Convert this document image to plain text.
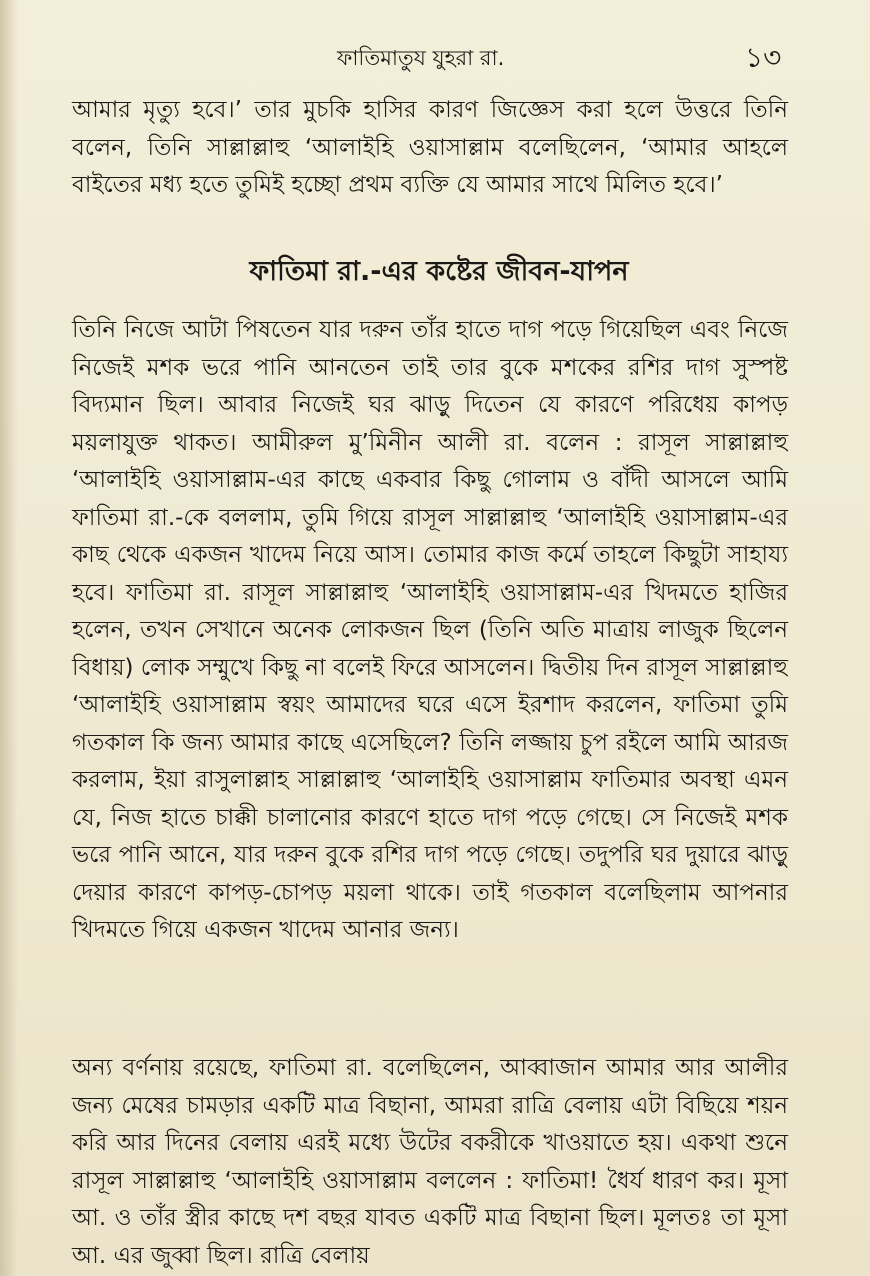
ফাতিমাতুয যুহরা রা.	১৩

আমার মৃত্যু হবে।’ তার মুচকি হাসির কারণ জিজ্ঞেস করা হলে উত্তরে তিনি বলেন, তিনি সাল্লাল্লাহু ‘আলাইহি ওয়াসাল্লাম বলেছিলেন, ‘আমার আহলে বাইতের মধ্য হতে তুমিই হচ্ছো প্রথম ব্যক্তি যে আমার সাথে মিলিত হবে।’

ফাতিমা রা.-এর কষ্টের জীবন-যাপন

তিনি নিজে আটা পিষতেন যার দরুন তাঁর হাতে দাগ পড়ে গিয়েছিল এবং নিজে নিজেই মশক ভরে পানি আনতেন তাই তার বুকে মশকের রশির দাগ সুস্পষ্ট বিদ্যমান ছিল। আবার নিজেই ঘর ঝাড়ু দিতেন যে কারণে পরিধেয় কাপড় ময়লাযুক্ত থাকত। আমীরুল মু’মিনীন আলী রা. বলেন : রাসূল সাল্লাল্লাহু ‘আলাইহি ওয়াসাল্লাম-এর কাছে একবার কিছু গোলাম ও বাঁদী আসলে আমি ফাতিমা রা.-কে বললাম, তুমি গিয়ে রাসূল সাল্লাল্লাহু ‘আলাইহি ওয়াসাল্লাম-এর কাছ থেকে একজন খাদেম নিয়ে আস। তোমার কাজ কর্মে তাহলে কিছুটা সাহায্য হবে। ফাতিমা রা. রাসূল সাল্লাল্লাহু ‘আলাইহি ওয়াসাল্লাম-এর খিদমতে হাজির হলেন, তখন সেখানে অনেক লোকজন ছিল (তিনি অতি মাত্রায় লাজুক ছিলেন বিধায়) লোক সম্মুখে কিছু না বলেই ফিরে আসলেন। দ্বিতীয় দিন রাসূল সাল্লাল্লাহু ‘আলাইহি ওয়াসাল্লাম স্বয়ং আমাদের ঘরে এসে ইরশাদ করলেন, ফাতিমা তুমি গতকাল কি জন্য আমার কাছে এসেছিলে? তিনি লজ্জায় চুপ রইলে আমি আরজ করলাম, ইয়া রাসুলাল্লাহ সাল্লাল্লাহু ‘আলাইহি ওয়াসাল্লাম ফাতিমার অবস্থা এমন যে, নিজ হাতে চাক্কী চালানোর কারণে হাতে দাগ পড়ে গেছে। সে নিজেই মশক ভরে পানি আনে, যার দরুন বুকে রশির দাগ পড়ে গেছে। তদুপরি ঘর দুয়ারে ঝাড়ু দেয়ার কারণে কাপড়-চোপড় ময়লা থাকে। তাই গতকাল বলেছিলাম আপনার খিদমতে গিয়ে একজন খাদেম আনার জন্য।

অন্য বর্ণনায় রয়েছে, ফাতিমা রা. বলেছিলেন, আব্বাজান আমার আর আলীর জন্য মেষের চামড়ার একটি মাত্র বিছানা, আমরা রাত্রি বেলায় এটা বিছিয়ে শয়ন করি আর দিনের বেলায় এরই মধ্যে উটের বকরীকে খাওয়াতে হয়। একথা শুনে রাসূল সাল্লাল্লাহু ‘আলাইহি ওয়াসাল্লাম বললেন : ফাতিমা! ধৈর্য ধারণ কর। মূসা আ. ও তাঁর স্ত্রীর কাছে দশ বছর যাবত একটি মাত্র বিছানা ছিল। মূলতঃ তা মূসা আ. এর জুব্বা ছিল। রাত্রি বেলায়
